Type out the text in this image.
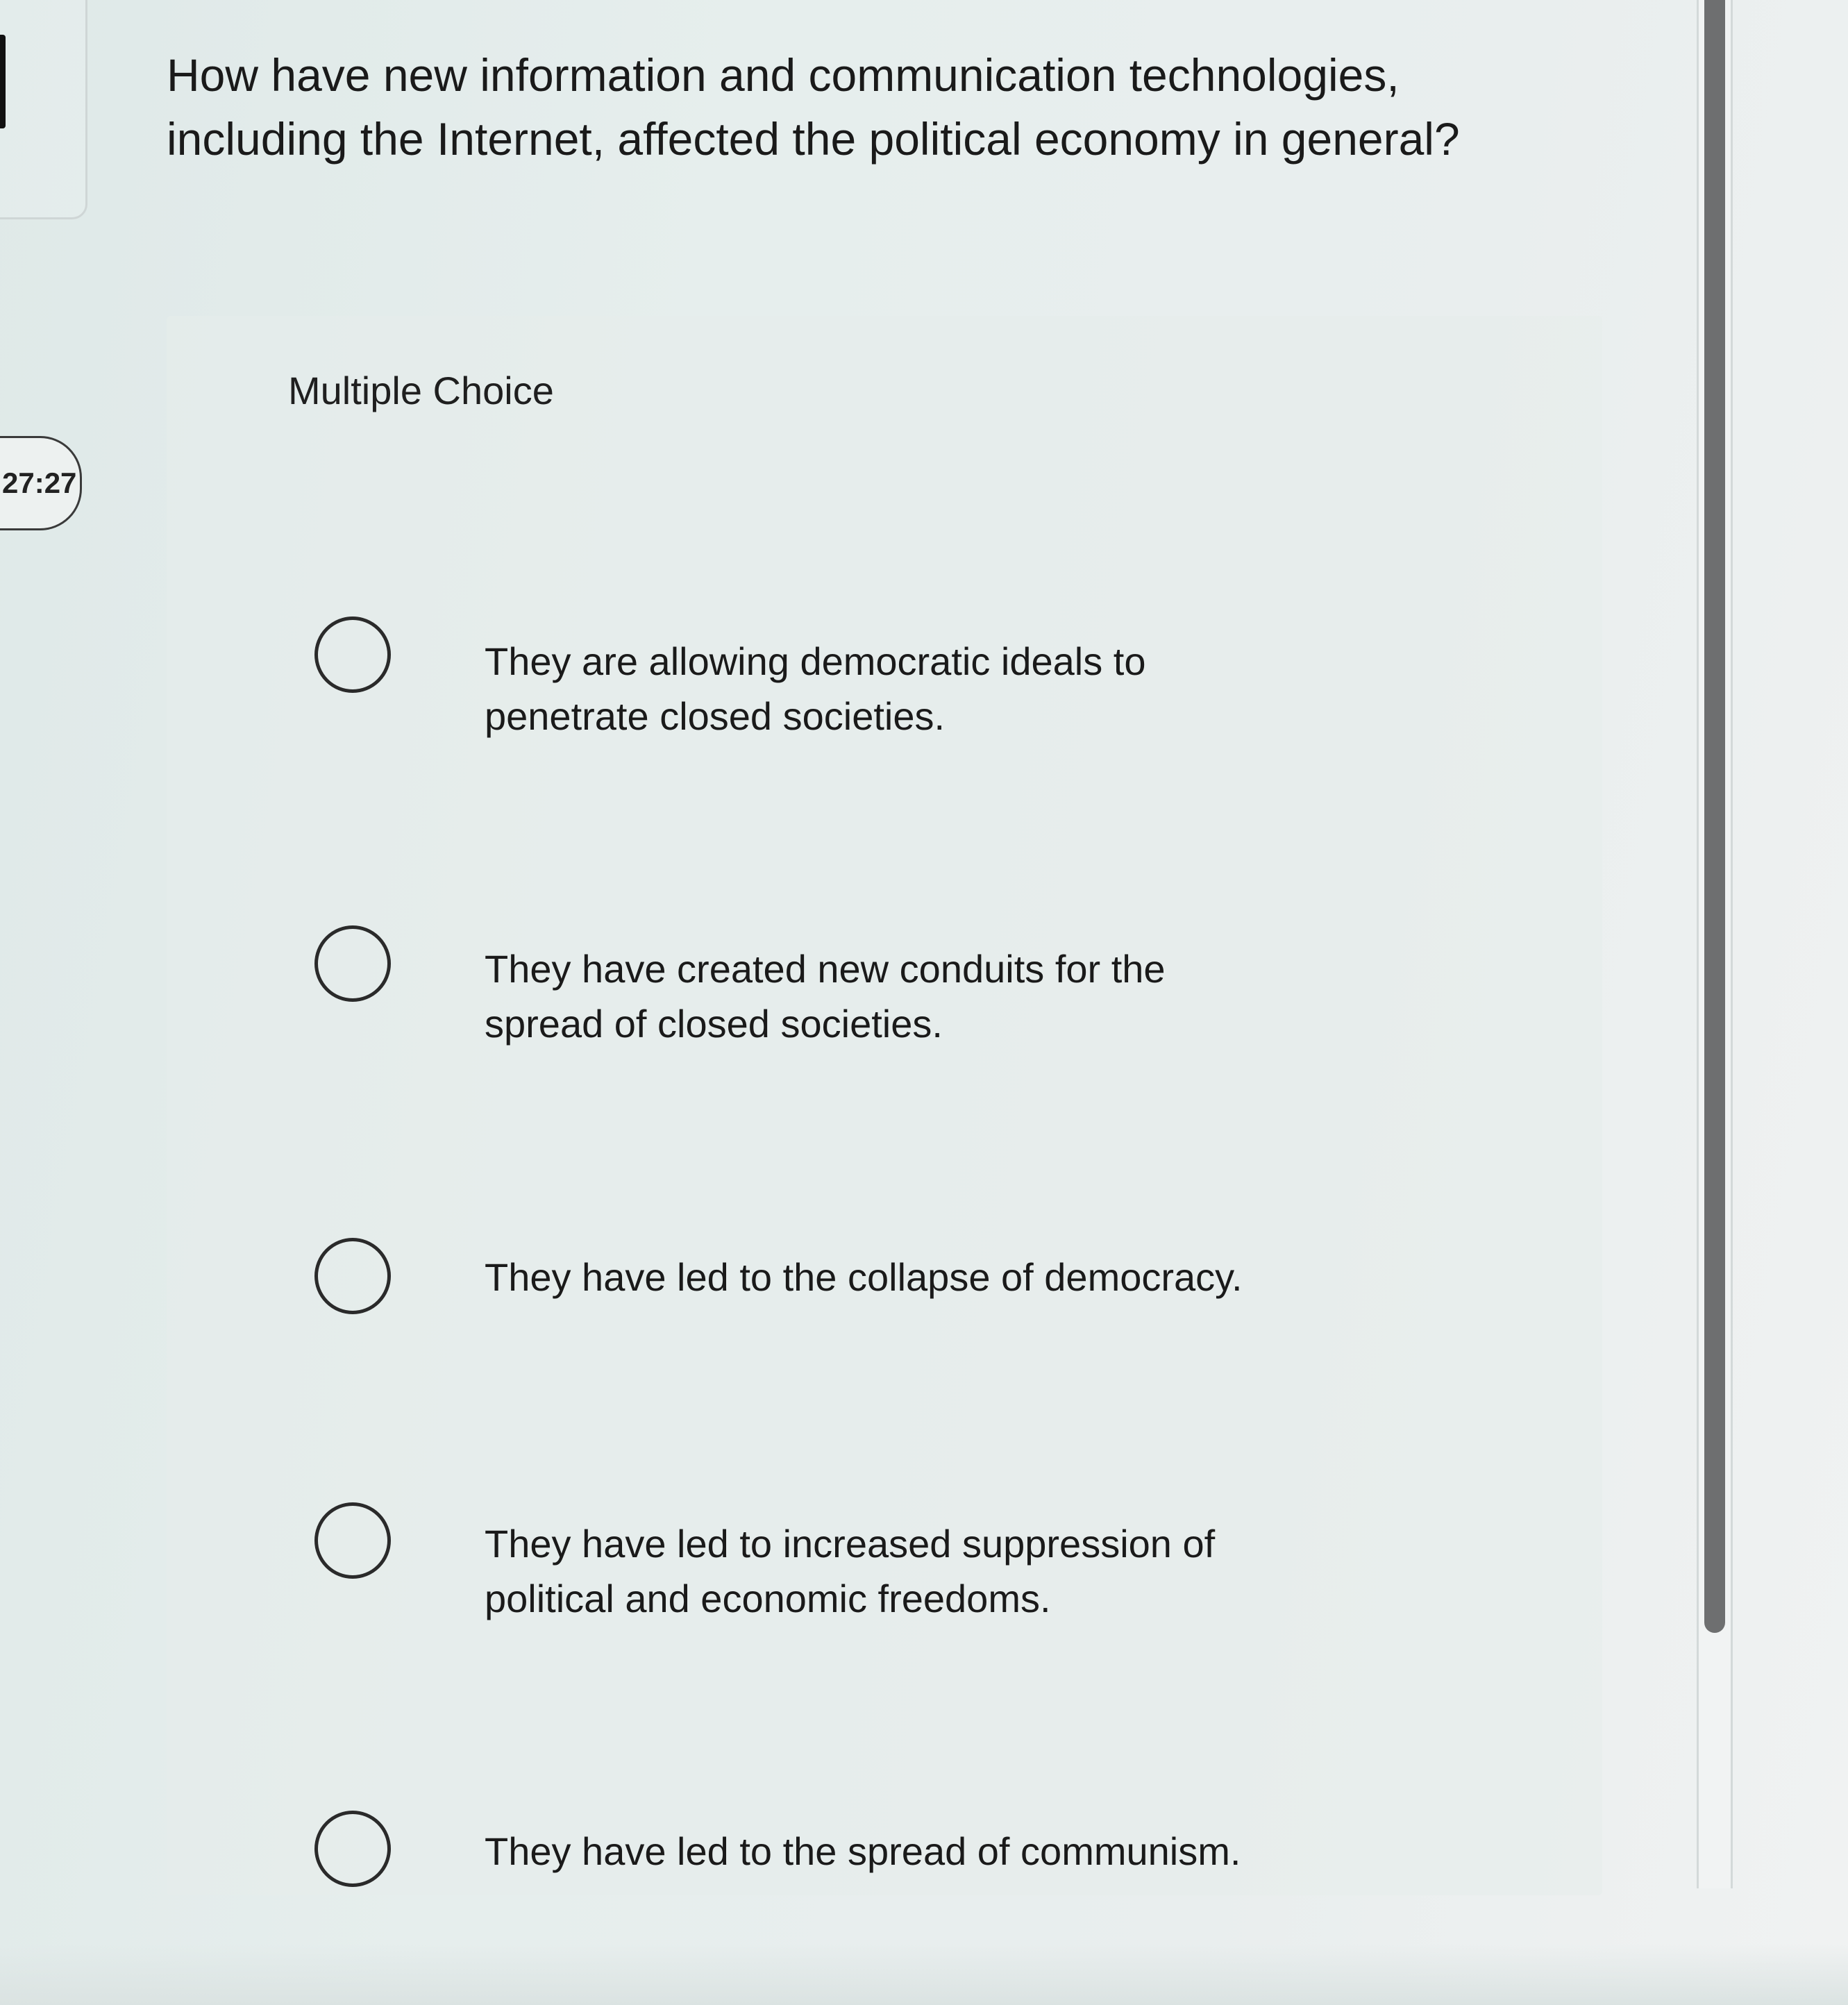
27:27
How have new information and communication technologies,
including the Internet, affected the political economy in general?
Multiple Choice
They are allowing democratic ideals to
penetrate closed societies.
They have created new conduits for the
spread of closed societies.
They have led to the collapse of democracy.
They have led to increased suppression of
political and economic freedoms.
They have led to the spread of communism.
